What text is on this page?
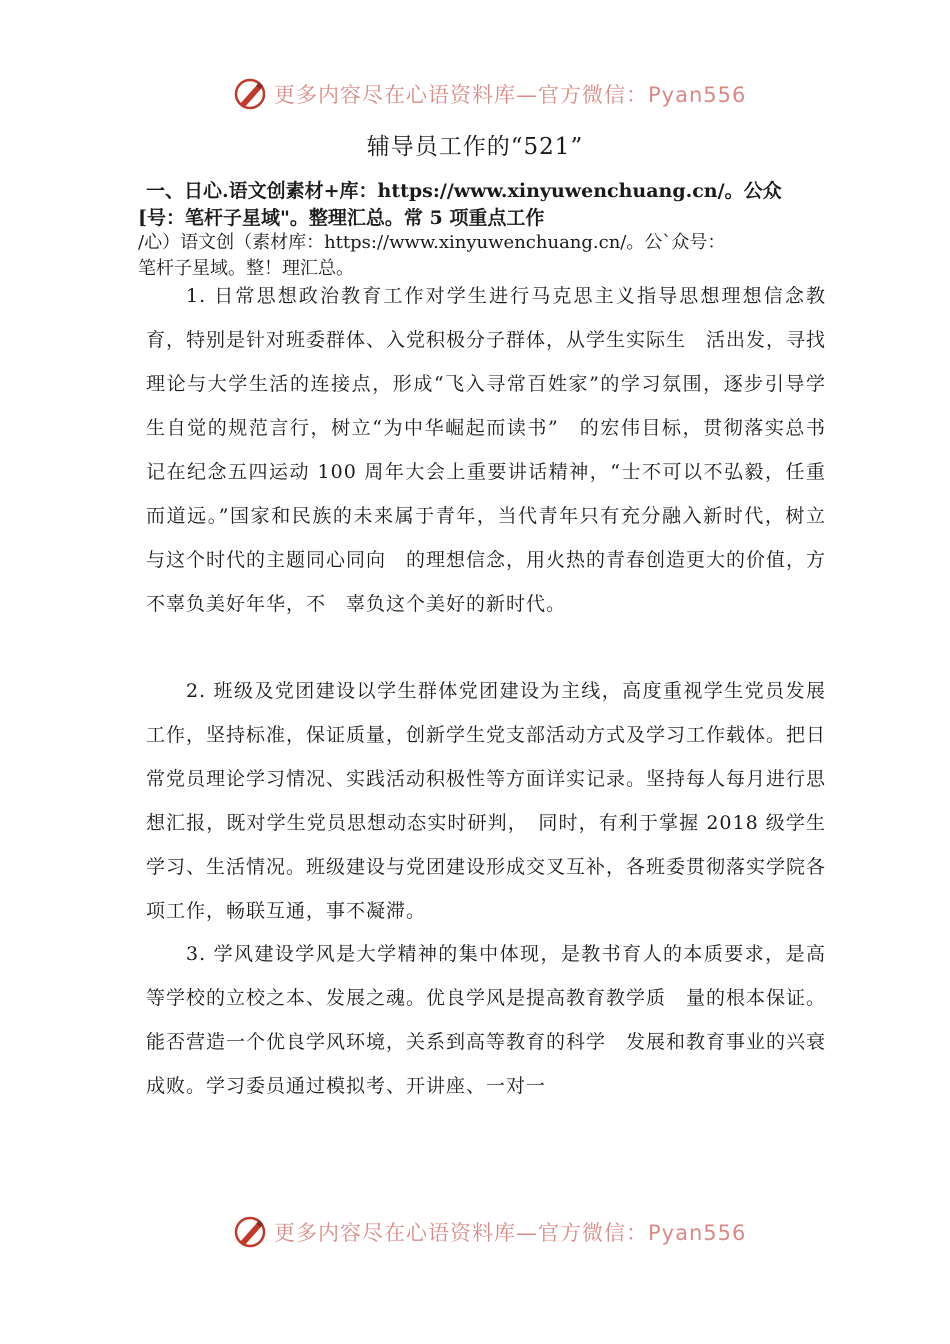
更多内容尽在心语资料库—官方微信：Pyan556
辅导员工作的“521”
一、日心.语文创素材+库：https://www.xinyuwenchuang.cn/。公众
[号：笔杆子星域"。整理汇总。常 5 项重点工作
/心）语文创（素材库：https://www.xinyuwenchuang.cn/。公`众号：
笔杆子星域。整！理汇总。
1. 日常思想政治教育工作对学生进行马克思主义指导思想理想信念教育，特别是针对班委群体、入党积极分子群体，从学生实际生　活出发，寻找理论与大学生活的连接点，形成“飞入寻常百姓家”的学习氛围，逐步引导学生自觉的规范言行，树立“为中华崛起而读书”　的宏伟目标，贯彻落实总书记在纪念五四运动 100 周年大会上重要讲话精神，“士不可以不弘毅，任重而道远。”国家和民族的未来属于青年，当代青年只有充分融入新时代，树立与这个时代的主题同心同向　的理想信念，用火热的青春创造更大的价值，方不辜负美好年华，不　辜负这个美好的新时代。
2. 班级及党团建设以学生群体党团建设为主线，高度重视学生党员发展工作，坚持标准，保证质量，创新学生党支部活动方式及学习工作载体。把日常党员理论学习情况、实践活动积极性等方面详实记录。坚持每人每月进行思想汇报，既对学生党员思想动态实时研判，　同时，有利于掌握 2018 级学生学习、生活情况。班级建设与党团建设形成交叉互补，各班委贯彻落实学院各项工作，畅联互通，事不凝滞。
3. 学风建设学风是大学精神的集中体现，是教书育人的本质要求，是高等学校的立校之本、发展之魂。优良学风是提高教育教学质　量的根本保证。能否营造一个优良学风环境，关系到高等教育的科学　发展和教育事业的兴衰成败。学习委员通过模拟考、开讲座、一对一
更多内容尽在心语资料库—官方微信：Pyan556
